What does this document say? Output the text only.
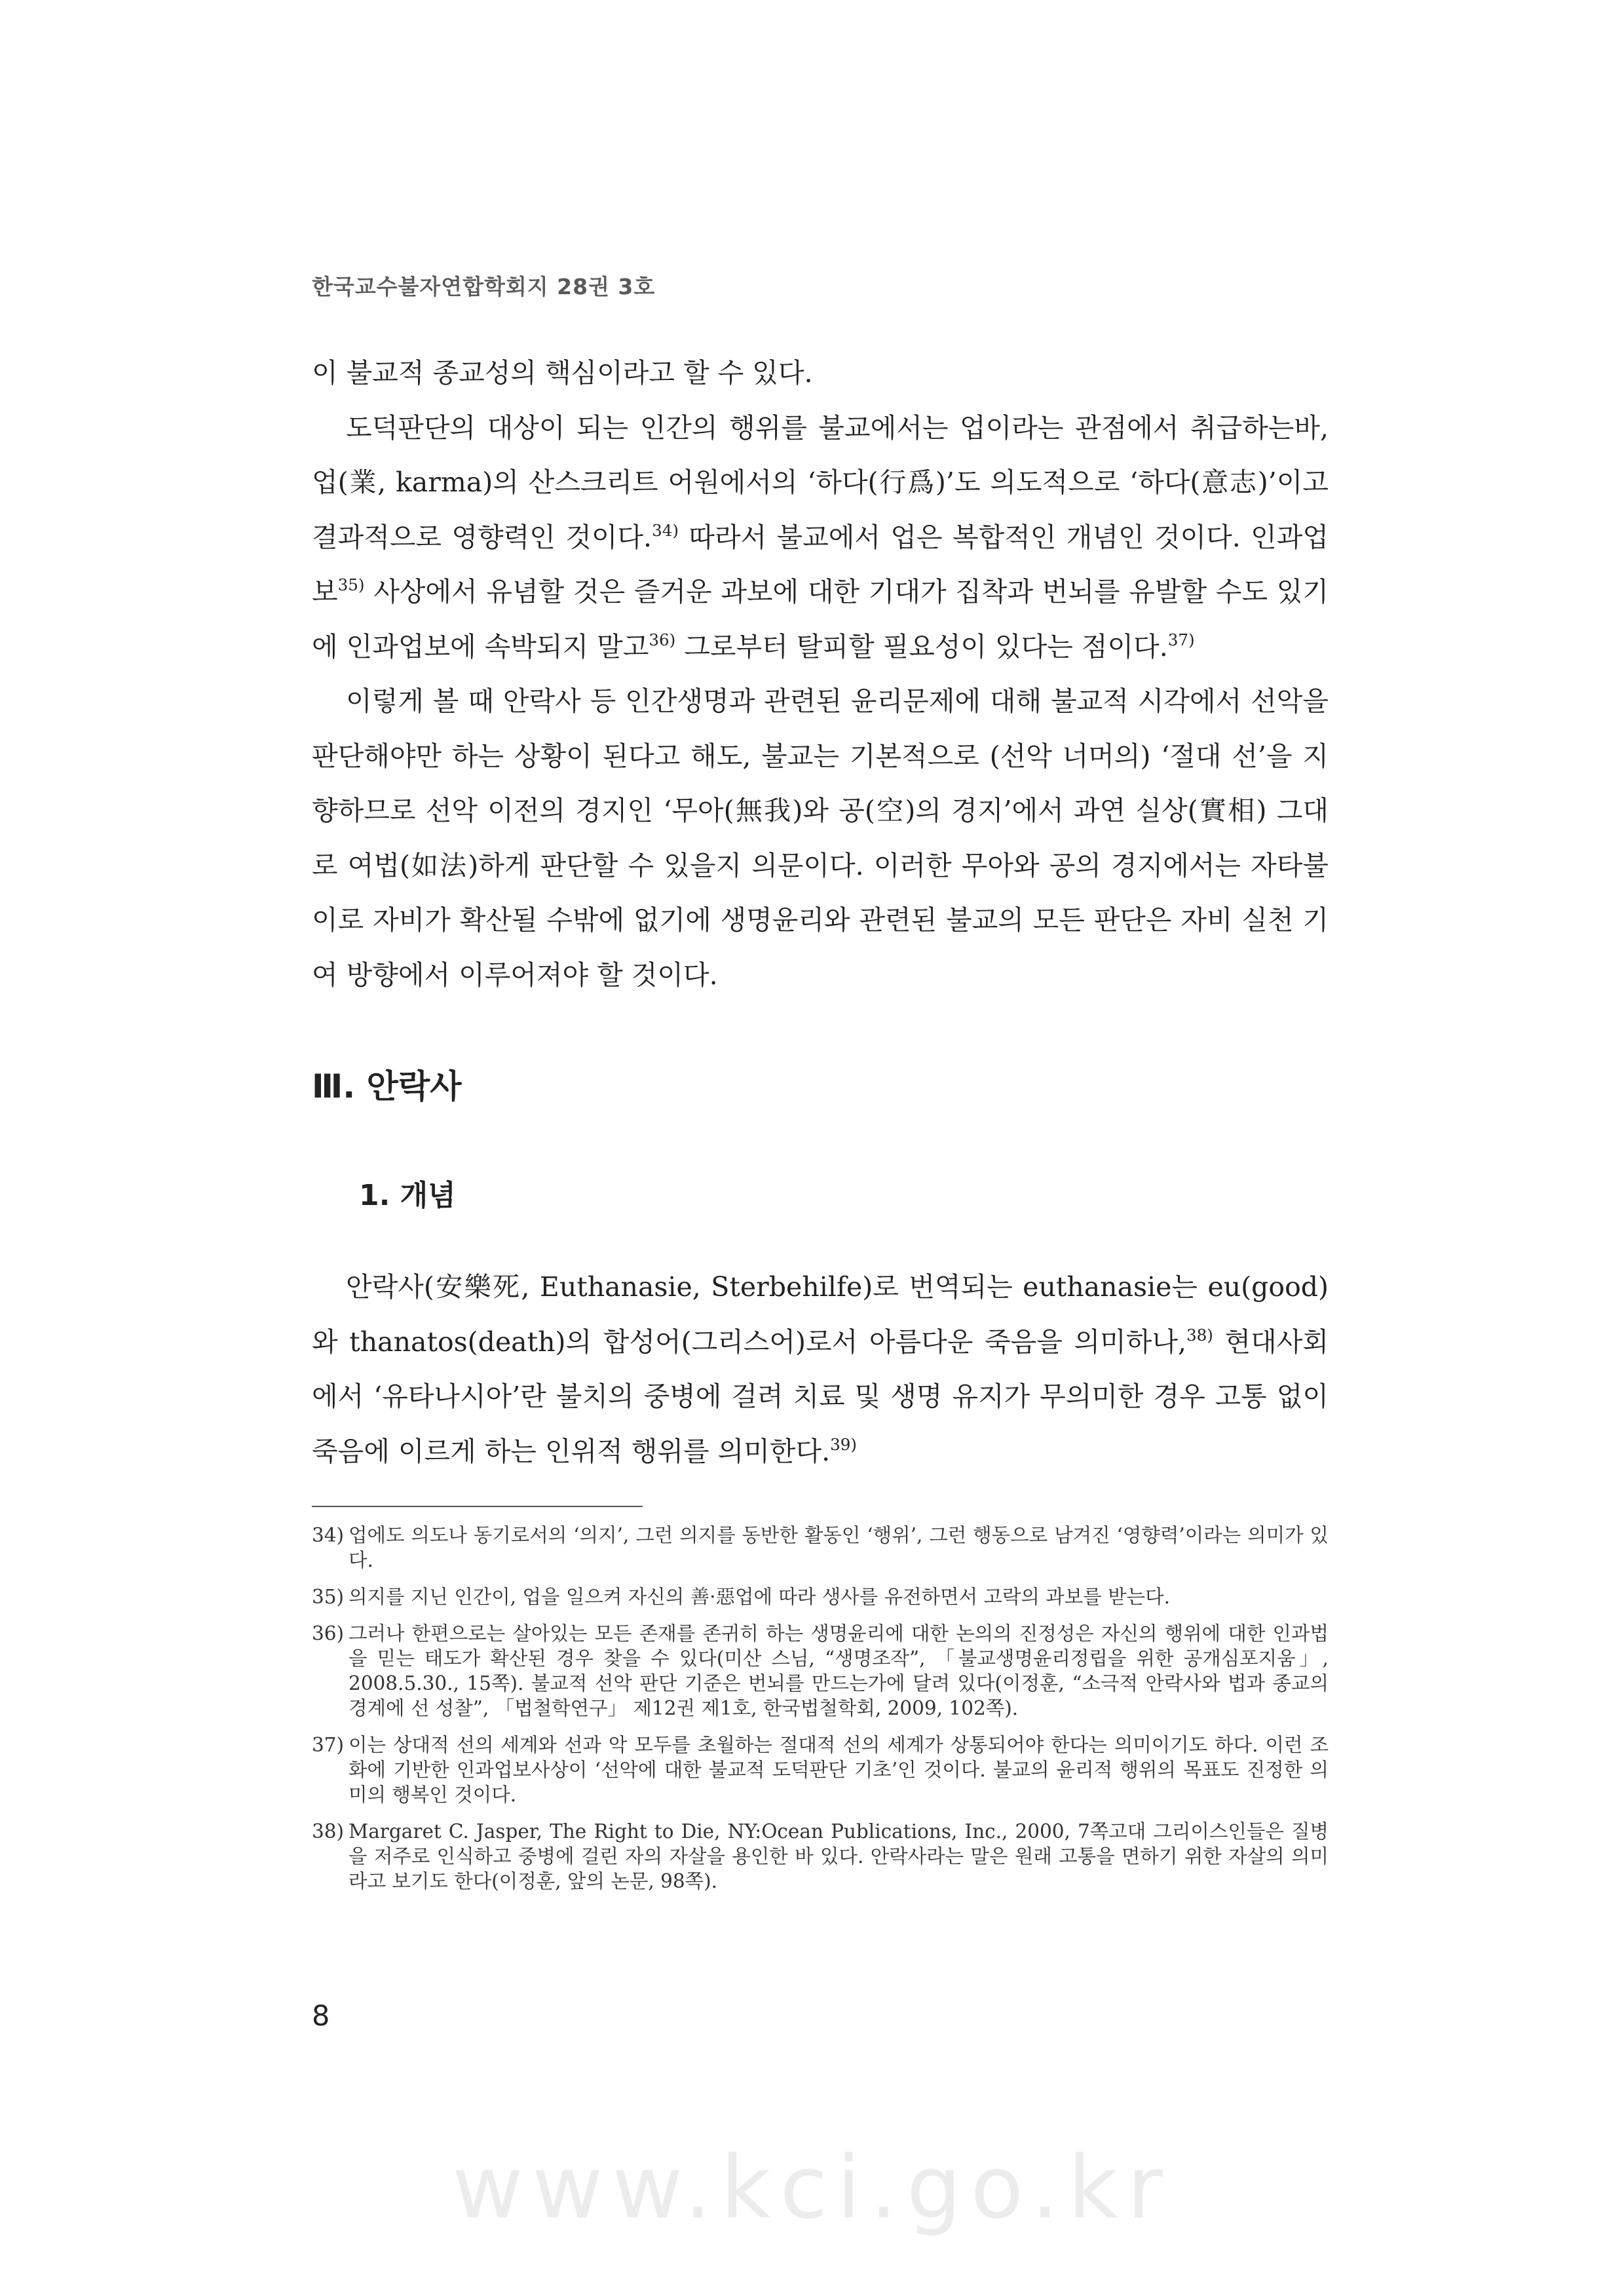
한국교수불자연합학회지 28권 3호

이 불교적 종교성의 핵심이라고 할 수 있다.

도덕판단의 대상이 되는 인간의 행위를 불교에서는 업이라는 관점에서 취급하는바, 업(業, karma)의 산스크리트 어원에서의 ‘하다(行爲)’도 의도적으로 ‘하다(意志)’이고 결과적으로 영향력인 것이다.$^{34)}$ 따라서 불교에서 업은 복합적인 개념인 것이다. 인과업보$^{35)}$ 사상에서 유념할 것은 즐거운 과보에 대한 기대가 집착과 번뇌를 유발할 수도 있기에 인과업보에 속박되지 말고$^{36)}$ 그로부터 탈피할 필요성이 있다는 점이다.$^{37)}$

이렇게 볼 때 안락사 등 인간생명과 관련된 윤리문제에 대해 불교적 시각에서 선악을 판단해야만 하는 상황이 된다고 해도, 불교는 기본적으로 (선악 너머의) ‘절대 선’을 지향하므로 선악 이전의 경지인 ‘무아(無我)와 공(空)의 경지’에서 과연 실상(實相) 그대로 여법(如法)하게 판단할 수 있을지 의문이다. 이러한 무아와 공의 경지에서는 자타불이로 자비가 확산될 수밖에 없기에 생명윤리와 관련된 불교의 모든 판단은 자비 실천 기여 방향에서 이루어져야 할 것이다.

Ⅲ. 안락사
1. 개념

안락사(安樂死, Euthanasie, Sterbehilfe)로 번역되는 euthanasie는 eu(good)와 thanatos(death)의 합성어(그리스어)로서 아름다운 죽음을 의미하나,$^{38)}$ 현대사회에서 ‘유타나시아’란 불치의 중병에 걸려 치료 및 생명 유지가 무의미한 경우 고통 없이 죽음에 이르게 하는 인위적 행위를 의미한다.$^{39)}$

34) 업에도 의도나 동기로서의 ‘의지’, 그런 의지를 동반한 활동인 ‘행위’, 그런 행동으로 남겨진 ‘영향력’이라는 의미가 있다.
35) 의지를 지닌 인간이, 업을 일으켜 자신의 善·惡업에 따라 생사를 유전하면서 고락의 과보를 받는다.
36) 그러나 한편으로는 살아있는 모든 존재를 존귀히 하는 생명윤리에 대한 논의의 진정성은 자신의 행위에 대한 인과법을 믿는 태도가 확산된 경우 찾을 수 있다(미산 스님, “생명조작”, 「불교생명윤리정립을 위한 공개심포지움」, 2008.5.30., 15쪽). 불교적 선악 판단 기준은 번뇌를 만드는가에 달려 있다(이정훈, “소극적 안락사와 법과 종교의 경계에 선 성찰”, 「법철학연구」 제12권 제1호, 한국법철학회, 2009, 102쪽).
37) 이는 상대적 선의 세계와 선과 악 모두를 초월하는 절대적 선의 세계가 상통되어야 한다는 의미이기도 하다. 이런 조화에 기반한 인과업보사상이 ‘선악에 대한 불교적 도덕판단 기초’인 것이다. 불교의 윤리적 행위의 목표도 진정한 의미의 행복인 것이다.
38) Margaret C. Jasper, The Right to Die, NY:Ocean Publications, Inc., 2000, 7쪽고대 그리이스인들은 질병을 저주로 인식하고 중병에 걸린 자의 자살을 용인한 바 있다. 안락사라는 말은 원래 고통을 면하기 위한 자살의 의미라고 보기도 한다(이정훈, 앞의 논문, 98쪽).
8
www.kci.go.kr
